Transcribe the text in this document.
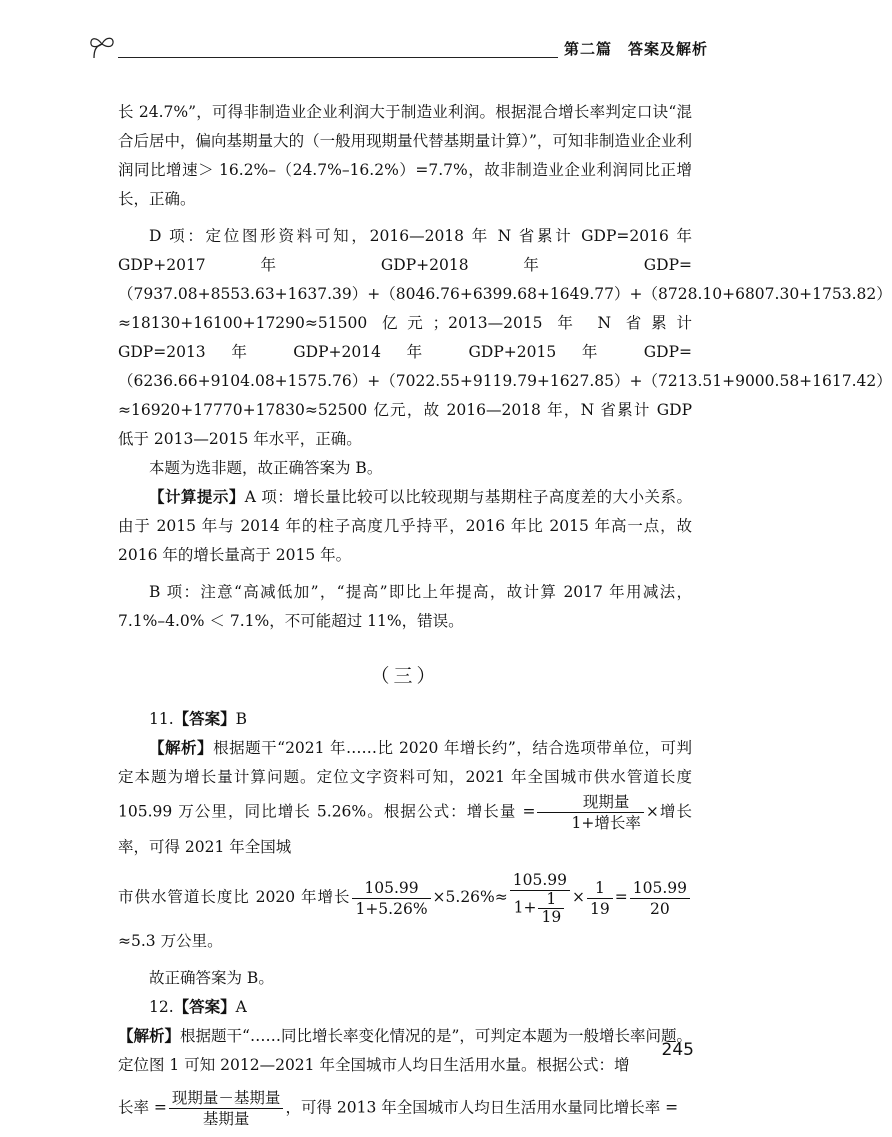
第二篇　答案及解析

长 24.7%”，可得非制造业企业利润大于制造业利润。根据混合增长率判定口诀“混合后居中，偏向基期量大的（一般用现期量代替基期量计算）”，可知非制造业企业利润同比增速＞ 16.2%–（24.7%–16.2%）=7.7%，故非制造业企业利润同比正增长，正确。

D 项：定位图形资料可知，2016—2018 年 N 省累计 GDP=2016 年 GDP+2017 年 GDP+2018 年 GDP=（7937.08+8553.63+1637.39）+（8046.76+6399.68+1649.77）+（8728.10+6807.30+1753.82）≈18130+16100+17290≈51500 亿元；2013—2015 年 N 省累计 GDP=2013 年 GDP+2014 年 GDP+2015 年 GDP=（6236.66+9104.08+1575.76）+（7022.55+9119.79+1627.85）+（7213.51+9000.58+1617.42）≈16920+17770+17830≈52500 亿元，故 2016—2018 年，N 省累计 GDP 低于 2013—2015 年水平，正确。

本题为选非题，故正确答案为 B。

【计算提示】A 项：增长量比较可以比较现期与基期柱子高度差的大小关系。由于 2015 年与 2014 年的柱子高度几乎持平，2016 年比 2015 年高一点，故 2016 年的增长量高于 2015 年。

B 项：注意“高减低加”，“提高”即比上年提高，故计算 2017 年用减法，7.1%–4.0% ＜ 7.1%，不可能超过 11%，错误。

（三）

11.【答案】B

【解析】根据题干“2021 年……比 2020 年增长约”，结合选项带单位，可判定本题为增长量计算问题。定位文字资料可知，2021 年全国城市供水管道长度 105.99 万公里，同比增长 5.26%。根据公式：增长量 = $\frac{\text{现期量}}{\text{1+增长率}}$ ×增长率，可得 2021 年全国城

市供水管道长度比 2020 年增长 $\frac{105.99}{1+5.26\%} \times 5.26\%\approx \frac{105.99}{1+ \frac{1}{19}} \times \frac{1}{19} = \frac{105.99}{20}$
≈5.3 万公里。

故正确答案为 B。

12.【答案】A

【解析】根据题干“……同比增长率变化情况的是”，可判定本题为一般增长率问题。定位图 1 可知 2012—2021 年全国城市人均日生活用水量。根据公式：增

长率 = $\frac{\text{现期量－基期量}}{\text{基期量}}$ ，可得 2013 年全国城市人均日生活用水量同比增长率 =

245
